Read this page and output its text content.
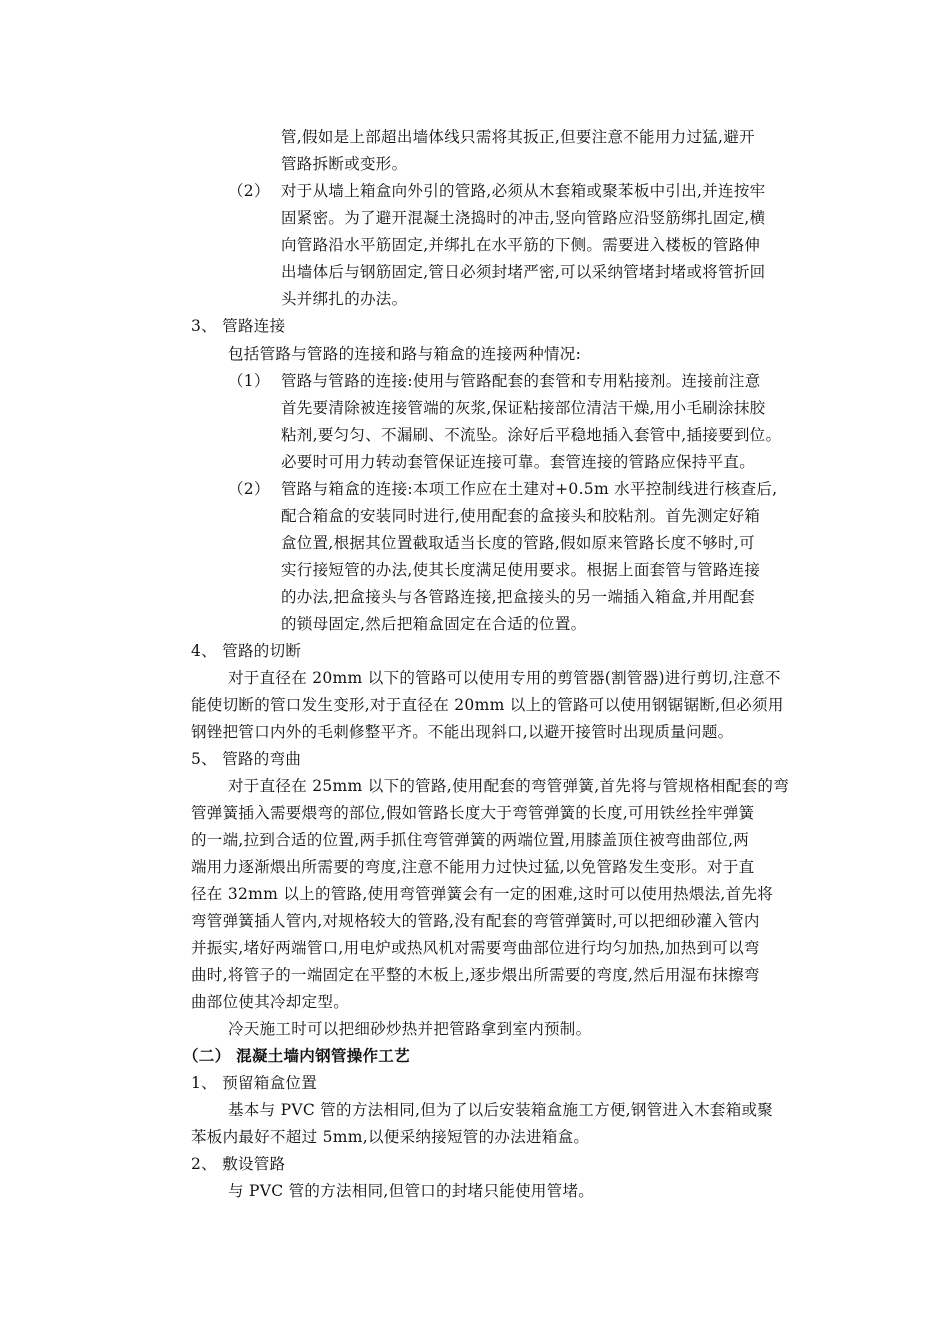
管,假如是上部超出墙体线只需将其扳正,但要注意不能用力过猛,避开
管路拆断或变形。
（2） 对于从墙上箱盒向外引的管路,必须从木套箱或聚苯板中引出,并连按牢
固紧密。为了避开混凝土浇捣时的冲击,竖向管路应沿竖筋绑扎固定,横
向管路沿水平筋固定,并绑扎在水平筋的下侧。需要进入楼板的管路伸
出墙体后与钢筋固定,管日必须封堵严密,可以采纳管堵封堵或将管折回
头并绑扎的办法。
3、 管路连接
包括管路与管路的连接和路与箱盒的连接两种情况:
（1） 管路与管路的连接:使用与管路配套的套管和专用粘接剂。连接前注意
首先要清除被连接管端的灰浆,保证粘接部位清洁干燥,用小毛刷涂抹胶
粘剂,要匀匀、不漏刷、不流坠。涂好后平稳地插入套管中,插接要到位。
必要时可用力转动套管保证连接可靠。套管连接的管路应保持平直。
（2） 管路与箱盒的连接:本项工作应在土建对+0.5m 水平控制线进行核查后,
配合箱盒的安装同时进行,使用配套的盒接头和胶粘剂。首先测定好箱
盒位置,根据其位置截取适当长度的管路,假如原来管路长度不够时,可
实行接短管的办法,使其长度满足使用要求。根据上面套管与管路连接
的办法,把盒接头与各管路连接,把盒接头的另一端插入箱盒,并用配套
的锁母固定,然后把箱盒固定在合适的位置。
4、 管路的切断
对于直径在 20mm 以下的管路可以使用专用的剪管器(割管器)进行剪切,注意不
能使切断的管口发生变形,对于直径在 20mm 以上的管路可以使用钢锯锯断,但必须用
钢锉把管口内外的毛刺修整平齐。不能出现斜口,以避开接管时出现质量问题。
5、 管路的弯曲
对于直径在 25mm 以下的管路,使用配套的弯管弹簧,首先将与管规格相配套的弯
管弹簧插入需要煨弯的部位,假如管路长度大于弯管弹簧的长度,可用铁丝拴牢弹簧
的一端,拉到合适的位置,两手抓住弯管弹簧的两端位置,用膝盖顶住被弯曲部位,两
端用力逐渐煨出所需要的弯度,注意不能用力过快过猛,以免管路发生变形。对于直
径在 32mm 以上的管路,使用弯管弹簧会有一定的困难,这时可以使用热煨法,首先将
弯管弹簧插人管内,对规格较大的管路,没有配套的弯管弹簧时,可以把细砂灌入管内
并振实,堵好两端管口,用电炉或热风机对需要弯曲部位进行均匀加热,加热到可以弯
曲时,将管子的一端固定在平整的木板上,逐步煨出所需要的弯度,然后用湿布抹擦弯
曲部位使其冷却定型。
冷天施工时可以把细砂炒热并把管路拿到室内预制。
（二） 混凝土墙内钢管操作工艺
1、 预留箱盒位置
基本与 PVC 管的方法相同,但为了以后安装箱盒施工方便,钢管进入木套箱或聚
苯板内最好不超过 5mm,以便采纳接短管的办法进箱盒。
2、 敷设管路
与 PVC 管的方法相同,但管口的封堵只能使用管堵。
